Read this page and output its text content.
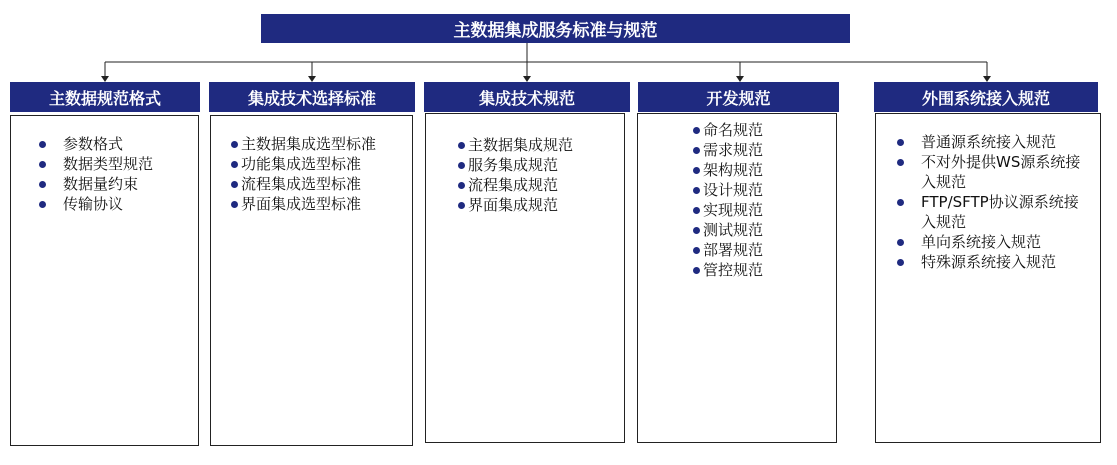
主数据集成服务标准与规范
主数据规范格式
参数格式
数据类型规范
数据量约束
传输协议
集成技术选择标准
主数据集成选型标准
功能集成选型标准
流程集成选型标准
界面集成选型标准
集成技术规范
主数据集成规范
服务集成规范
流程集成规范
界面集成规范
开发规范
命名规范
需求规范
架构规范
设计规范
实现规范
测试规范
部署规范
管控规范
外围系统接入规范
普通源系统接入规范
不对外提供WS源系统接入规范
FTP/SFTP协议源系统接入规范
单向系统接入规范
特殊源系统接入规范
